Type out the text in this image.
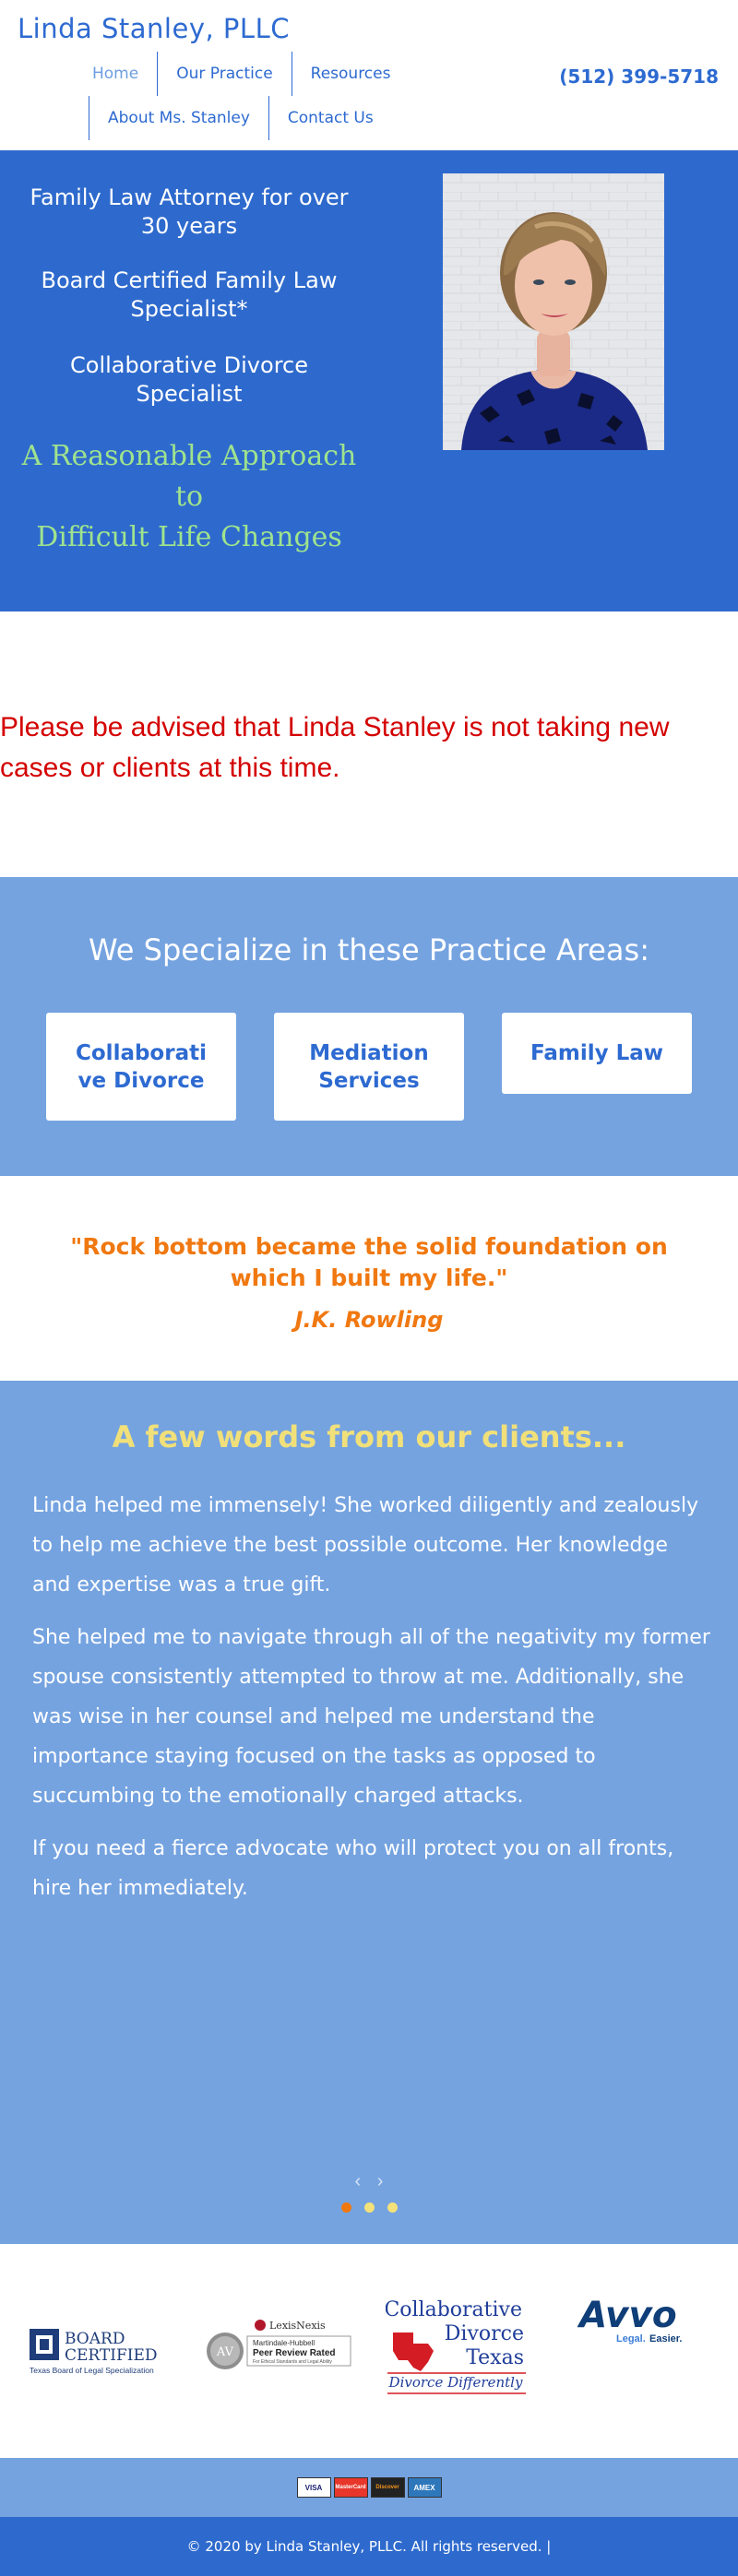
Linda Stanley, PLLC
Home	Our Practice	Resources
About Ms. Stanley	Contact Us
(512) 399-5718
Family Law Attorney for over 30 years
Board Certified Family Law Specialist*
Collaborative Divorce Specialist
A Reasonable Approach
to
Difficult Life Changes

Please be advised that Linda Stanley is not taking new cases or clients at this time.

We Specialize in these Practice Areas:
Collaborati ve Divorce
Mediation Services
Family Law
"Rock bottom became the solid foundation on which I built my life."
J.K. Rowling
A few words from our clients...

Linda helped me immensely! She worked diligently and zealously to help me achieve the best possible outcome. Her knowledge and expertise was a true gift.

She helped me to navigate through all of the negativity my former spouse consistently attempted to throw at me. Additionally, she was wise in her counsel and helped me understand the importance staying focused on the tasks as opposed to succumbing to the emotionally charged attacks.

If you need a fierce advocate who will protect you on all fronts, hire her immediately.

‹ ›
BOARD
CERTIFIED
Texas Board of Legal Specialization
AV
LexisNexis
Martindale-Hubbell
Peer Review Rated
For Ethical Standards and Legal Ability
Collaborative
Divorce
Texas
Divorce Differently
Avvo
Legal. Easier.
VISA	MasterCard	Discover	AMEX
© 2020 by Linda Stanley, PLLC. All rights reserved. |
